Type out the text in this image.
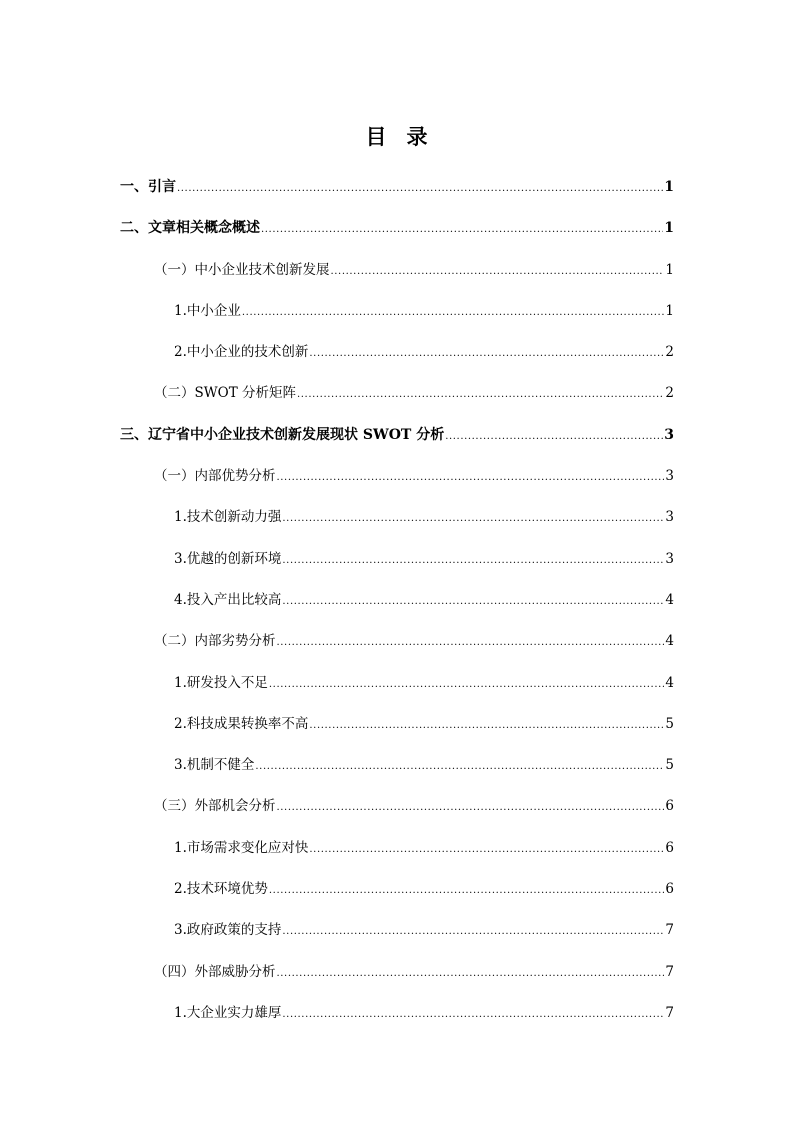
目 录
一、引言 .....	1
二、文章相关概念概述 .....	1
（一）中小企业技术创新发展 .....	1
1.中小企业 .....	1
2.中小企业的技术创新 .....	2
（二）SWOT 分析矩阵 .....	2
三、辽宁省中小企业技术创新发展现状 SWOT 分析 .....	3
（一）内部优势分析 .....	3
1.技术创新动力强 .....	3
3.优越的创新环境 .....	3
4.投入产出比较高 .....	4
（二）内部劣势分析 .....	4
1.研发投入不足 .....	4
2.科技成果转换率不高 .....	5
3.机制不健全 .....	5
（三）外部机会分析 .....	6
1.市场需求变化应对快 .....	6
2.技术环境优势 .....	6
3.政府政策的支持 .....	7
（四）外部威胁分析 .....	7
1.大企业实力雄厚 .....	7
